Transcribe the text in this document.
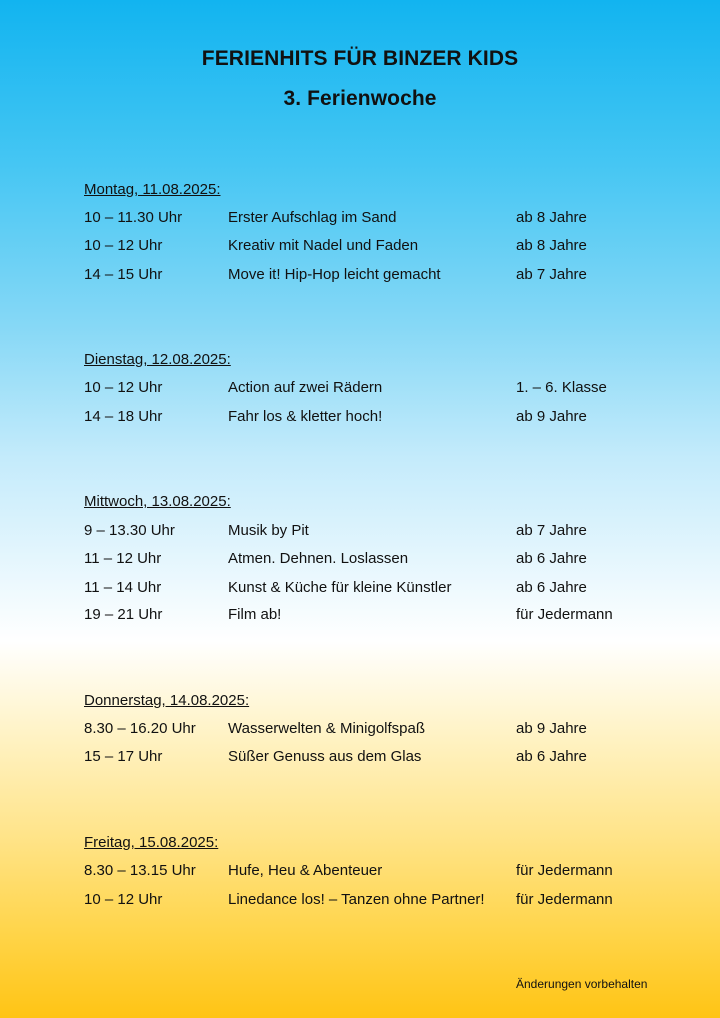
FERIENHITS FÜR BINZER KIDS
3. Ferienwoche
Montag, 11.08.2025:
10 – 11.30 Uhr	Erster Aufschlag im Sand	ab 8 Jahre
10 – 12 Uhr	Kreativ mit Nadel und Faden	ab 8 Jahre
14 – 15 Uhr	Move it! Hip-Hop leicht gemacht	ab 7 Jahre
Dienstag, 12.08.2025:
10 – 12 Uhr	Action auf zwei Rädern	1. – 6. Klasse
14 – 18 Uhr	Fahr los & kletter hoch!	ab 9 Jahre
Mittwoch, 13.08.2025:
9 – 13.30 Uhr	Musik by Pit	ab 7 Jahre
11 – 12 Uhr	Atmen. Dehnen. Loslassen	ab 6 Jahre
11 – 14 Uhr	Kunst & Küche für kleine Künstler	ab 6 Jahre
19 – 21 Uhr	Film ab!	für Jedermann
Donnerstag, 14.08.2025:
8.30 – 16.20 Uhr Wasserwelten & Minigolfspaß	ab 9 Jahre
15 – 17 Uhr	Süßer Genuss aus dem Glas	ab 6 Jahre
Freitag, 15.08.2025:
8.30 – 13.15 Uhr Hufe, Heu & Abenteuer	für Jedermann
10 – 12 Uhr	Linedance los! – Tanzen ohne Partner! für Jedermann
Änderungen vorbehalten
